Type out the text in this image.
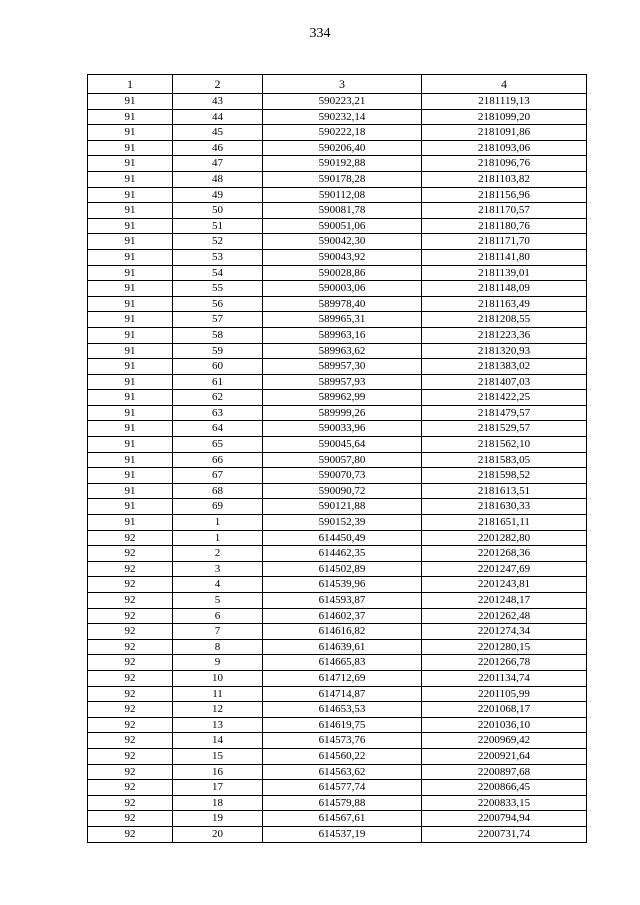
334
1	2	3	4
91	43	590223,21	2181119,13
91	44	590232,14	2181099,20
91	45	590222,18	2181091,86
91	46	590206,40	2181093,06
91	47	590192,88	2181096,76
91	48	590178,28	2181103,82
91	49	590112,08	2181156,96
91	50	590081,78	2181170,57
91	51	590051,06	2181180,76
91	52	590042,30	2181171,70
91	53	590043,92	2181141,80
91	54	590028,86	2181139,01
91	55	590003,06	2181148,09
91	56	589978,40	2181163,49
91	57	589965,31	2181208,55
91	58	589963,16	2181223,36
91	59	589963,62	2181320,93
91	60	589957,30	2181383,02
91	61	589957,93	2181407,03
91	62	589962,99	2181422,25
91	63	589999,26	2181479,57
91	64	590033,96	2181529,57
91	65	590045,64	2181562,10
91	66	590057,80	2181583,05
91	67	590070,73	2181598,52
91	68	590090,72	2181613,51
91	69	590121,88	2181630,33
91	1	590152,39	2181651,11
92	1	614450,49	2201282,80
92	2	614462,35	2201268,36
92	3	614502,89	2201247,69
92	4	614539,96	2201243,81
92	5	614593,87	2201248,17
92	6	614602,37	2201262,48
92	7	614616,82	2201274,34
92	8	614639,61	2201280,15
92	9	614665,83	2201266,78
92	10	614712,69	2201134,74
92	11	614714,87	2201105,99
92	12	614653,53	2201068,17
92	13	614619,75	2201036,10
92	14	614573,76	2200969,42
92	15	614560,22	2200921,64
92	16	614563,62	2200897,68
92	17	614577,74	2200866,45
92	18	614579,88	2200833,15
92	19	614567,61	2200794,94
92	20	614537,19	2200731,74
